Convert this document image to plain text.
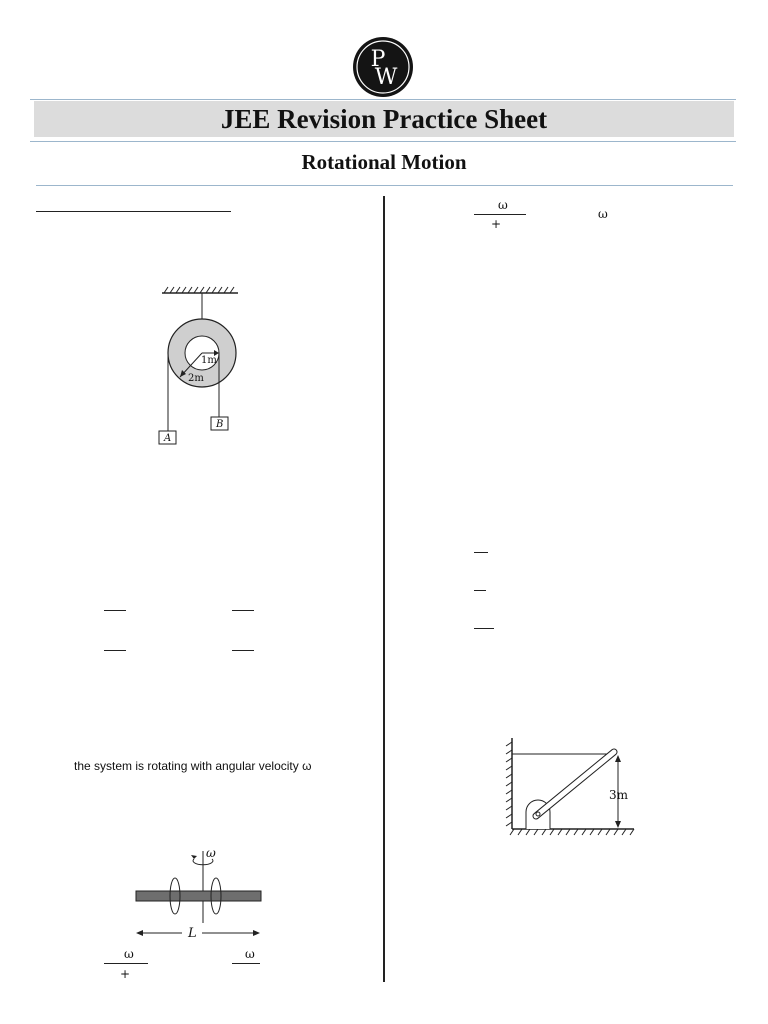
P
W
JEE Revision Practice Sheet
Rotational Motion
1m
2m
A
B
the system is rotating with angular velocity ω
ω
L
ω
+
ω
ω
+
ω
3m
